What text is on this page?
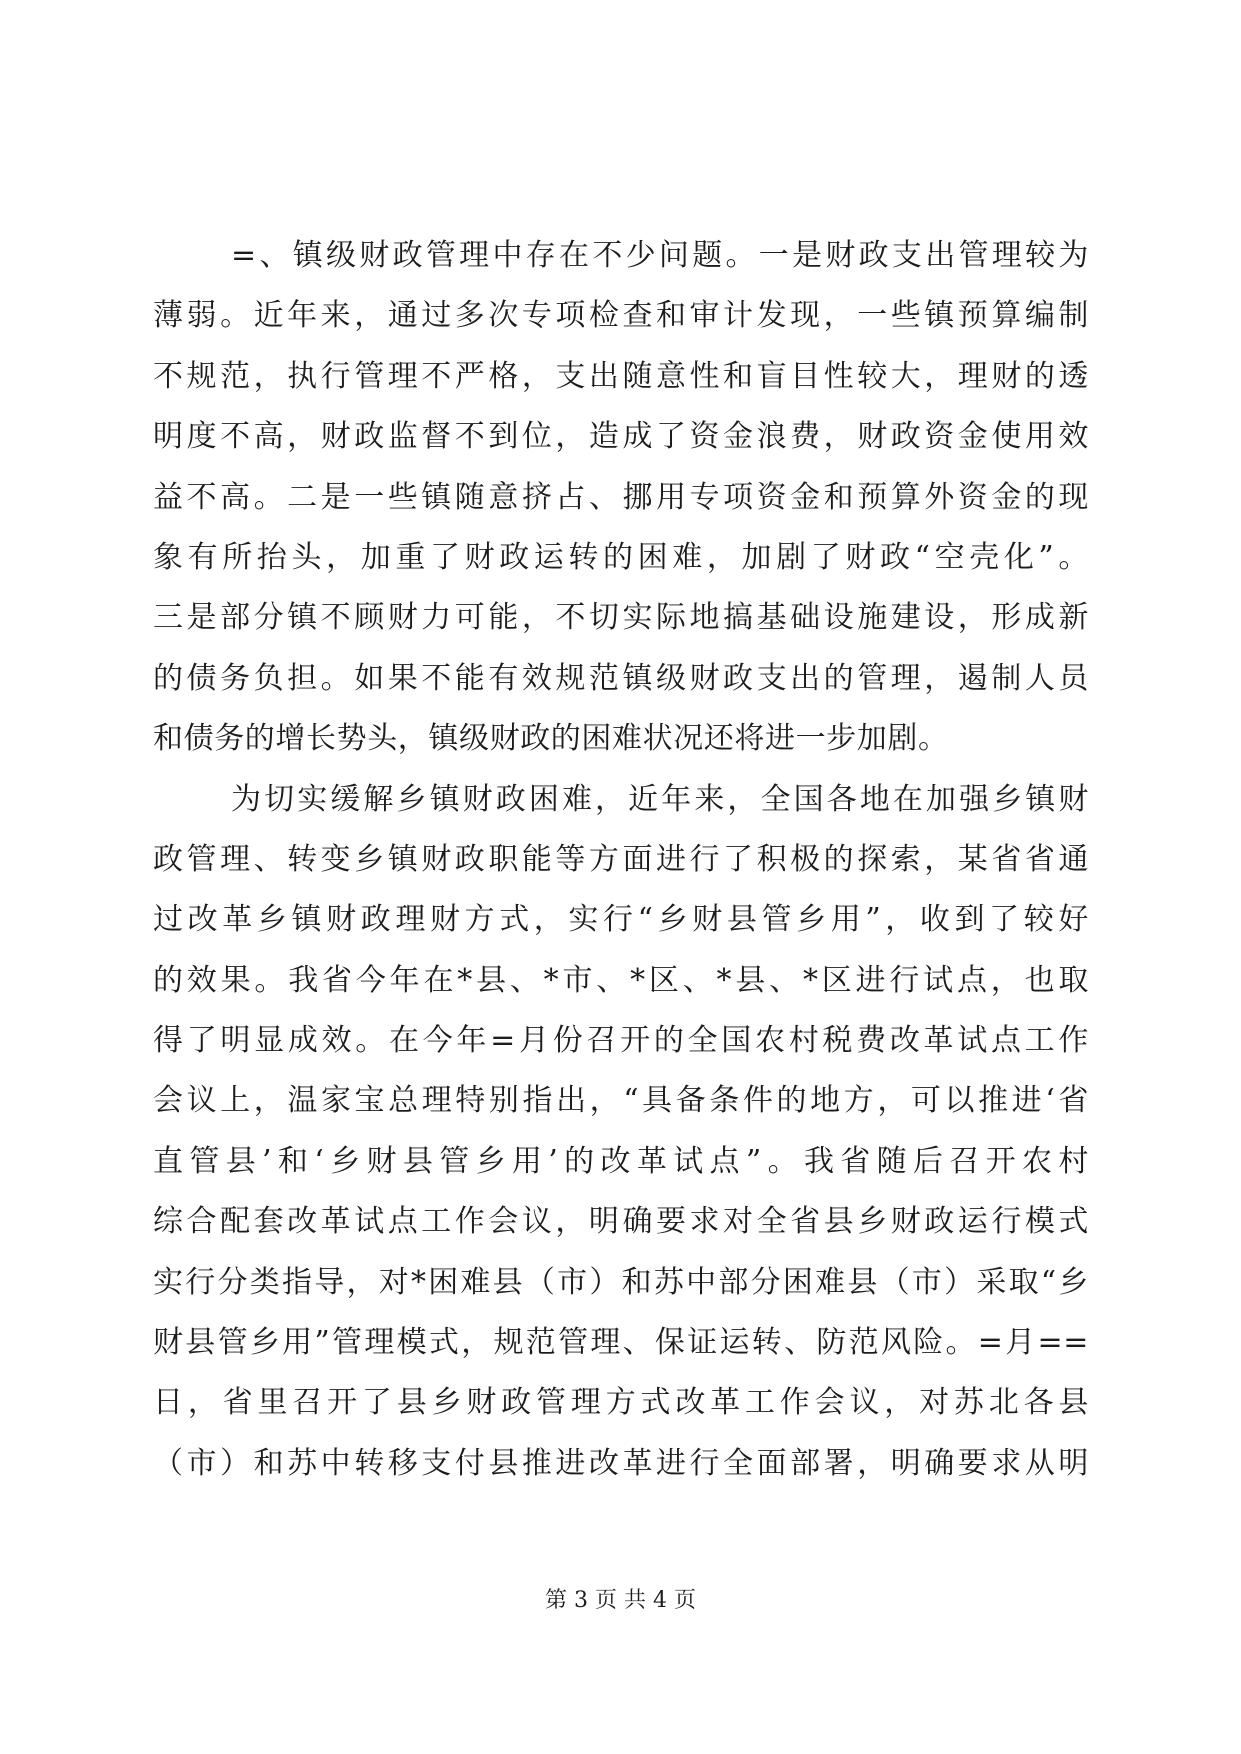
=、镇级财政管理中存在不少问题。一是财政支出管理较为
薄弱。近年来，通过多次专项检查和审计发现，一些镇预算编制
不规范，执行管理不严格，支出随意性和盲目性较大，理财的透
明度不高，财政监督不到位，造成了资金浪费，财政资金使用效
益不高。二是一些镇随意挤占、挪用专项资金和预算外资金的现
象有所抬头，加重了财政运转的困难，加剧了财政“空壳化”。
三是部分镇不顾财力可能，不切实际地搞基础设施建设，形成新
的债务负担。如果不能有效规范镇级财政支出的管理，遏制人员
和债务的增长势头，镇级财政的困难状况还将进一步加剧。
为切实缓解乡镇财政困难，近年来，全国各地在加强乡镇财
政管理、转变乡镇财政职能等方面进行了积极的探索，某省省通
过改革乡镇财政理财方式，实行“乡财县管乡用”，收到了较好
的效果。我省今年在*县、*市、*区、*县、*区进行试点，也取
得了明显成效。在今年=月份召开的全国农村税费改革试点工作
会议上，温家宝总理特别指出，“具备条件的地方，可以推进‘省
直管县’和‘乡财县管乡用’的改革试点”。我省随后召开农村
综合配套改革试点工作会议，明确要求对全省县乡财政运行模式
实行分类指导，对*困难县（市）和苏中部分困难县（市）采取“乡
财县管乡用”管理模式，规范管理、保证运转、防范风险。=月==
日，省里召开了县乡财政管理方式改革工作会议，对苏北各县
（市）和苏中转移支付县推进改革进行全面部署，明确要求从明
第 3 页 共 4 页
